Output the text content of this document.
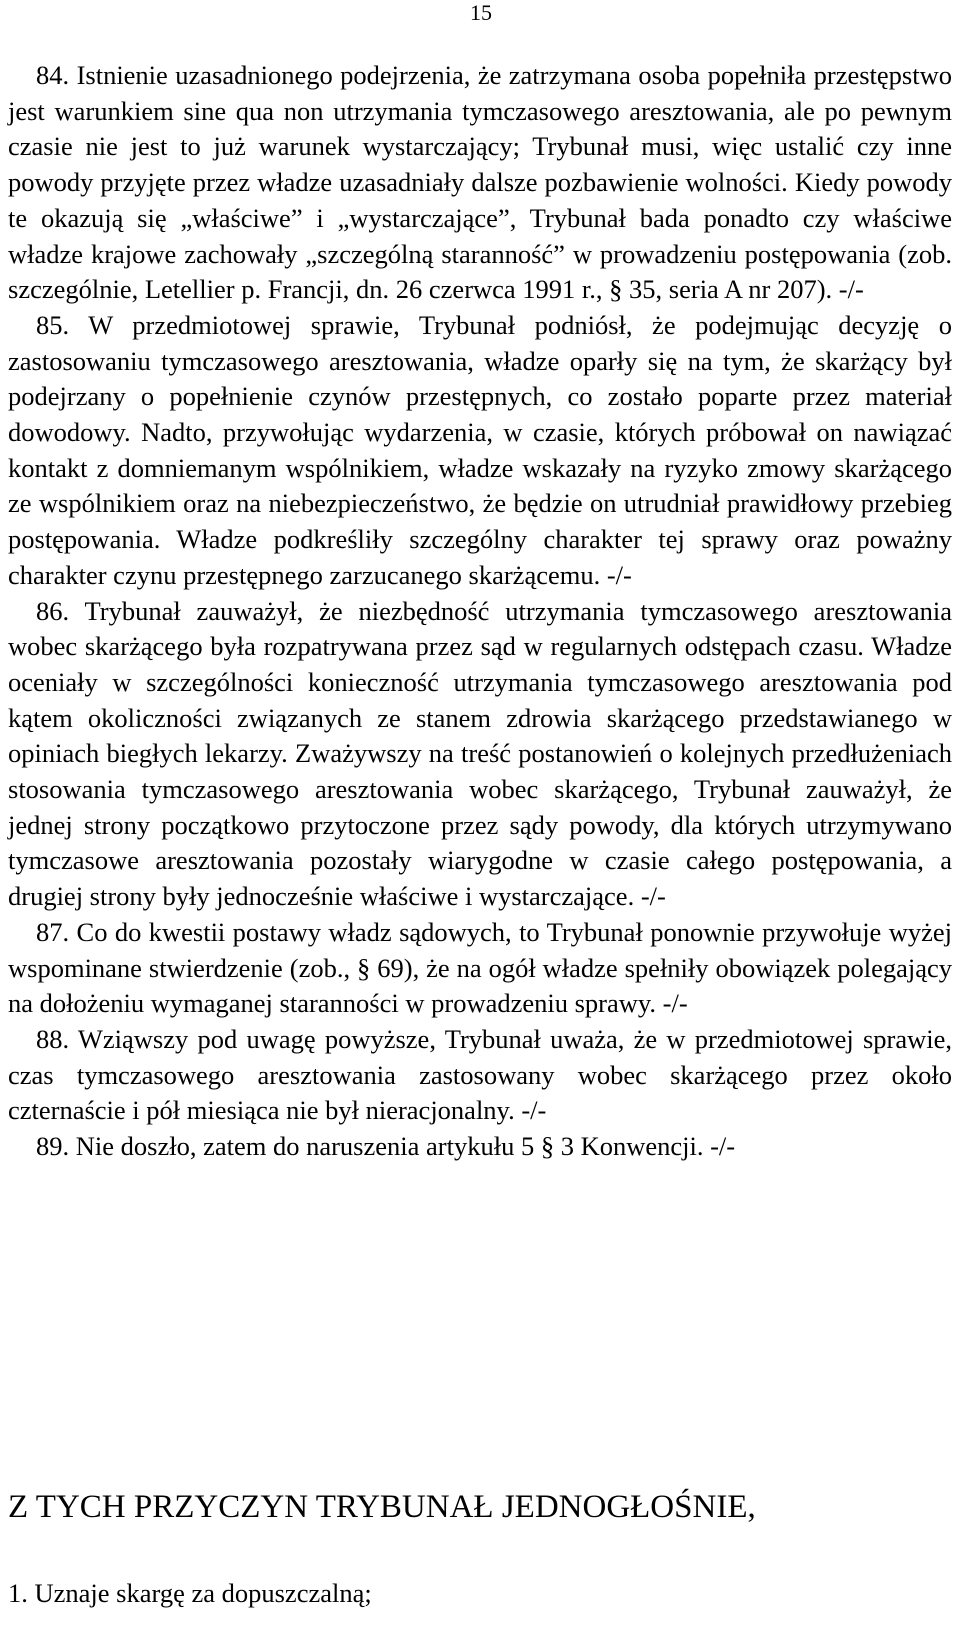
15

84. Istnienie uzasadnionego podejrzenia, że zatrzymana osoba popełniła przestępstwo jest warunkiem sine qua non utrzymania tymczasowego aresztowania, ale po pewnym czasie nie jest to już warunek wystarczający; Trybunał musi, więc ustalić czy inne powody przyjęte przez władze uzasadniały dalsze pozbawienie wolności. Kiedy powody te okazują się „właściwe” i „wystarczające”, Trybunał bada ponadto czy właściwe władze krajowe zachowały „szczególną staranność” w prowadzeniu postępowania (zob. szczególnie, Letellier p. Francji, dn. 26 czerwca 1991 r., § 35, seria A nr 207). -/-

85. W przedmiotowej sprawie, Trybunał podniósł, że podejmując decyzję o zastosowaniu tymczasowego aresztowania, władze oparły się na tym, że skarżący był podejrzany o popełnienie czynów przestępnych, co zostało poparte przez materiał dowodowy. Nadto, przywołując wydarzenia, w czasie, których próbował on nawiązać kontakt z domniemanym wspólnikiem, władze wskazały na ryzyko zmowy skarżącego ze wspólnikiem oraz na niebezpieczeństwo, że będzie on utrudniał prawidłowy przebieg postępowania. Władze podkreśliły szczególny charakter tej sprawy oraz poważny charakter czynu przestępnego zarzucanego skarżącemu. -/-

86. Trybunał zauważył, że niezbędność utrzymania tymczasowego aresztowania wobec skarżącego była rozpatrywana przez sąd w regularnych odstępach czasu. Władze oceniały w szczególności konieczność utrzymania tymczasowego aresztowania pod kątem okoliczności związanych ze stanem zdrowia skarżącego przedstawianego w opiniach biegłych lekarzy. Zważywszy na treść postanowień o kolejnych przedłużeniach stosowania tymczasowego aresztowania wobec skarżącego, Trybunał zauważył, że jednej strony początkowo przytoczone przez sądy powody, dla których utrzymywano tymczasowe aresztowania pozostały wiarygodne w czasie całego postępowania, a drugiej strony były jednocześnie właściwe i wystarczające. -/-

87. Co do kwestii postawy władz sądowych, to Trybunał ponownie przywołuje wyżej wspominane stwierdzenie (zob., § 69), że na ogół władze spełniły obowiązek polegający na dołożeniu wymaganej staranności w prowadzeniu sprawy. -/-

88. Wziąwszy pod uwagę powyższe, Trybunał uważa, że w przedmiotowej sprawie, czas tymczasowego aresztowania zastosowany wobec skarżącego przez około czternaście i pół miesiąca nie był nieracjonalny. -/-

89. Nie doszło, zatem do naruszenia artykułu 5 § 3 Konwencji. -/-

Z TYCH PRZYCZYN TRYBUNAŁ JEDNOGŁOŚNIE,
1. Uznaje skargę za dopuszczalną;
